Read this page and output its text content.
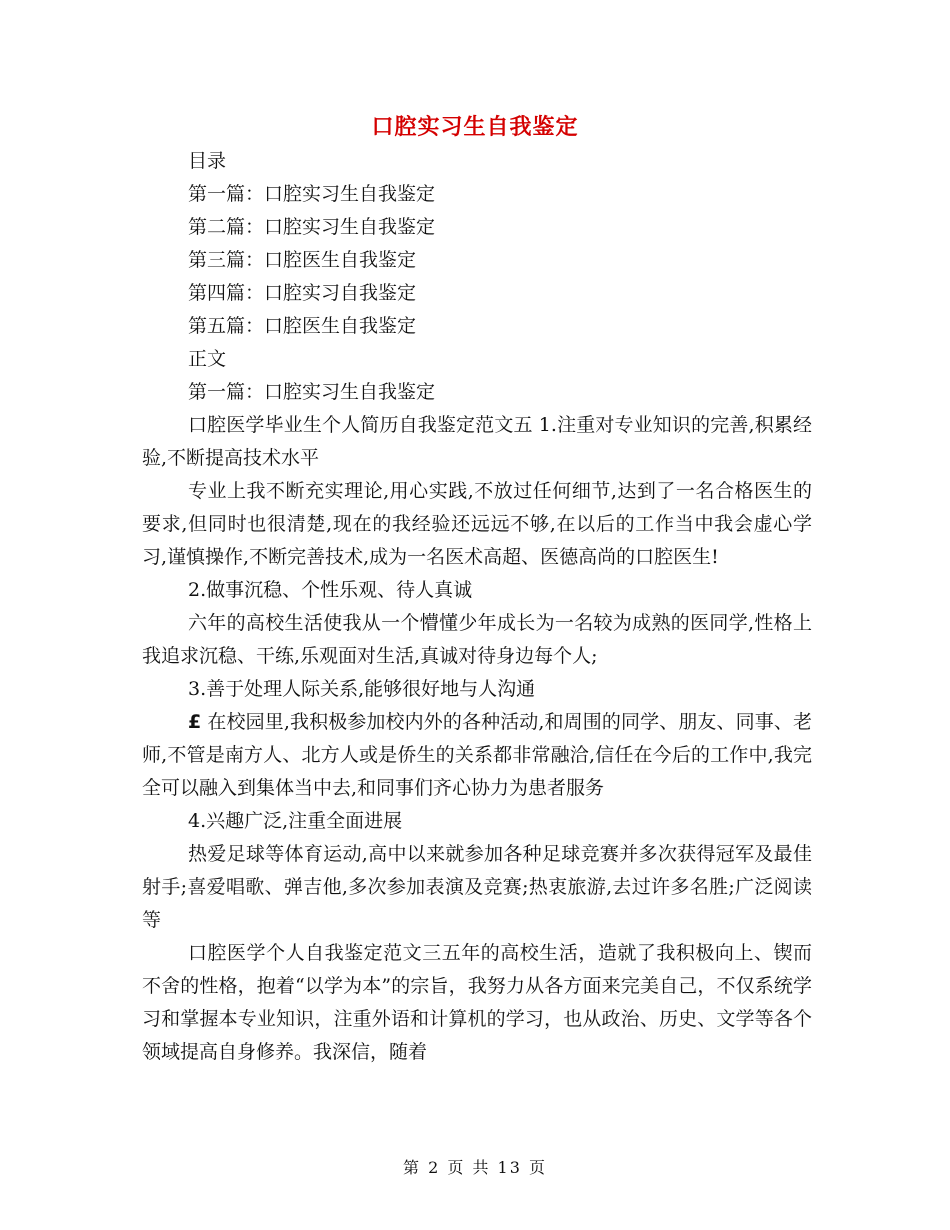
口腔实习生自我鉴定

目录

第一篇：口腔实习生自我鉴定

第二篇：口腔实习生自我鉴定

第三篇：口腔医生自我鉴定

第四篇：口腔实习自我鉴定

第五篇：口腔医生自我鉴定

正文

第一篇：口腔实习生自我鉴定

口腔医学毕业生个人简历自我鉴定范文五 1.注重对专业知识的完善,积累经验,不断提高技术水平

专业上我不断充实理论,用心实践,不放过任何细节,达到了一名合格医生的要求,但同时也很清楚,现在的我经验还远远不够,在以后的工作当中我会虚心学习,谨慎操作,不断完善技术,成为一名医术高超、医德高尚的口腔医生!

2.做事沉稳、个性乐观、待人真诚

六年的高校生活使我从一个懵懂少年成长为一名较为成熟的医同学,性格上我追求沉稳、干练,乐观面对生活,真诚对待身边每个人;

3.善于处理人际关系,能够很好地与人沟通

£ 在校园里,我积极参加校内外的各种活动,和周围的同学、朋友、同事、老师,不管是南方人、北方人或是侨生的关系都非常融洽,信任在今后的工作中,我完全可以融入到集体当中去,和同事们齐心协力为患者服务

4.兴趣广泛,注重全面进展

热爱足球等体育运动,高中以来就参加各种足球竞赛并多次获得冠军及最佳射手;喜爱唱歌、弹吉他,多次参加表演及竞赛;热衷旅游,去过许多名胜;广泛阅读等

口腔医学个人自我鉴定范文三五年的高校生活，造就了我积极向上、锲而不舍的性格，抱着“以学为本”的宗旨，我努力从各方面来完美自己，不仅系统学习和掌握本专业知识，注重外语和计算机的学习，也从政治、历史、文学等各个领域提高自身修养。我深信，随着

第 2 页 共 13 页
